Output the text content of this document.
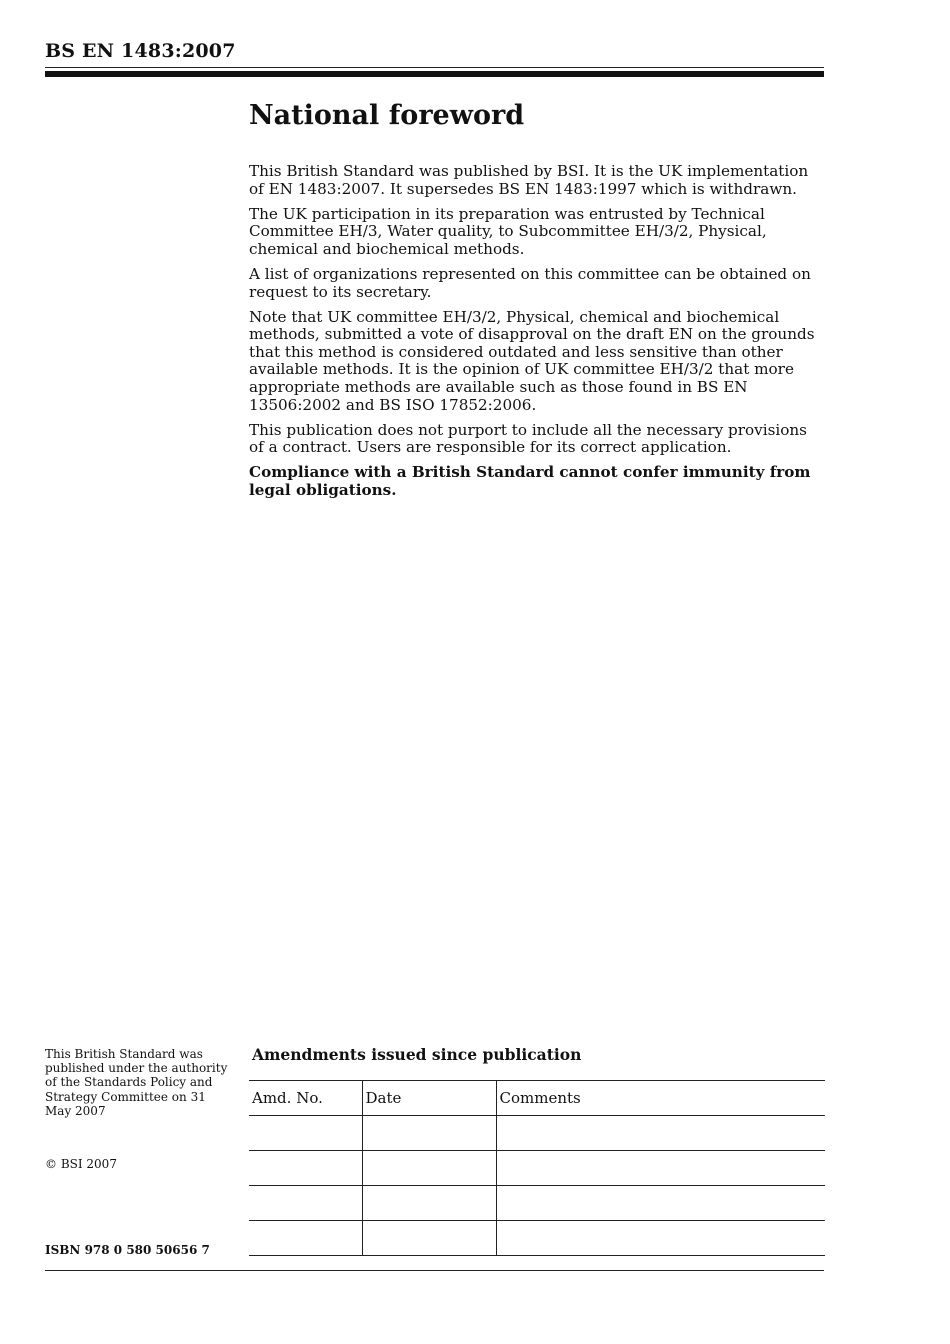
BS EN 1483:2007
National foreword

This British Standard was published by BSI. It is the UK implementation of EN 1483:2007. It supersedes BS EN 1483:1997 which is withdrawn.

The UK participation in its preparation was entrusted by Technical Committee EH/3, Water quality, to Subcommittee EH/3/2, Physical, chemical and biochemical methods.

A list of organizations represented on this committee can be obtained on request to its secretary.

Note that UK committee EH/3/2, Physical, chemical and biochemical methods, submitted a vote of disapproval on the draft EN on the grounds that this method is considered outdated and less sensitive than other available methods. It is the opinion of UK committee EH/3/2 that more appropriate methods are available such as those found in BS EN 13506:2002 and BS ISO 17852:2006.

This publication does not purport to include all the necessary provisions of a contract. Users are responsible for its correct application.

Compliance with a British Standard cannot confer immunity from legal obligations.

This British Standard was published under the authority of the Standards Policy and Strategy Committee on 31 May 2007
© BSI 2007
ISBN 978 0 580 50656 7
Amendments issued since publication
Amd. No.	Date	Comments
